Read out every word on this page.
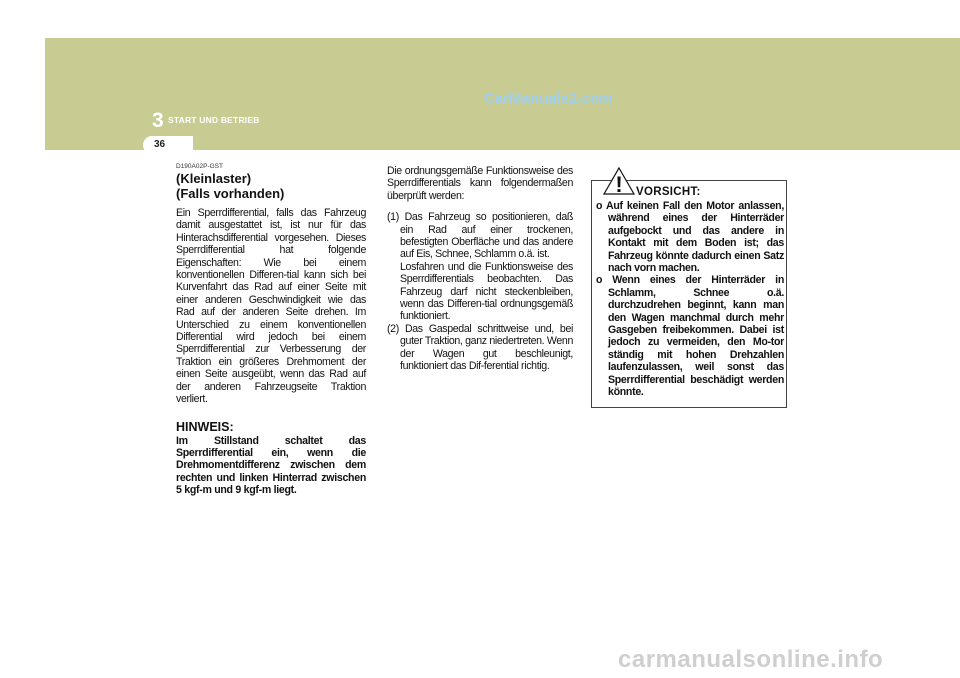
3 START UND BETRIEB
36
CarManuals2.com
D190A02P-GST
(Kleinlaster)
(Falls vorhanden)

Ein Sperrdifferential, falls das Fahrzeug damit ausgestattet ist, ist nur für das Hinterachsdifferential vorgesehen. Dieses Sperrdifferential hat folgende Eigenschaften: Wie bei einem konventionellen Differen-tial kann sich bei Kurvenfahrt das Rad auf einer Seite mit einer anderen Geschwindigkeit wie das Rad auf der anderen Seite drehen. Im Unterschied zu einem konventionellen Differential wird jedoch bei einem Sperrdifferential zur Verbesserung der Traktion ein größeres Drehmoment der einen Seite ausgeübt, wenn das Rad auf der anderen Fahrzeugseite Traktion verliert.

HINWEIS:

Im Stillstand schaltet das Sperrdifferential ein, wenn die Drehmomentdifferenz zwischen dem rechten und linken Hinterrad zwischen 5 kgf-m und 9 kgf-m liegt.

Die ordnungsgemäße Funktionsweise des Sperrdifferentials kann folgendermaßen überprüft werden:

(1) Das Fahrzeug so positionieren, daß ein Rad auf einer trockenen, befestigten Oberfläche und das andere auf Eis, Schnee, Schlamm o.ä. ist.
Losfahren und die Funktionsweise des Sperrdifferentials beobachten. Das Fahrzeug darf nicht steckenbleiben, wenn das Differen-tial ordnungsgemäß funktioniert.
(2) Das Gaspedal schrittweise und, bei guter Traktion, ganz niedertreten. Wenn der Wagen gut beschleunigt, funktioniert das Dif-ferential richtig.
! VORSICHT:
o Auf keinen Fall den Motor anlassen, während eines der Hinterräder aufgebockt und das andere in Kontakt mit dem Boden ist; das Fahrzeug könnte dadurch einen Satz nach vorn machen.
o Wenn eines der Hinterräder in Schlamm, Schnee o.ä. durchzudrehen beginnt, kann man den Wagen manchmal durch mehr Gasgeben freibekommen. Dabei ist jedoch zu vermeiden, den Mo-tor ständig mit hohen Drehzahlen laufenzulassen, weil sonst das Sperrdifferential beschädigt werden könnte.
carmanualsonline.info
